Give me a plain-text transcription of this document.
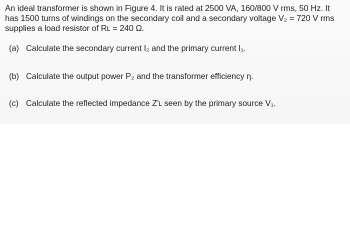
An ideal transformer is shown in Figure 4. It is rated at 2500 VA, 160/800 V rms, 50 Hz. It
has 1500 turns of windings on the secondary coil and a secondary voltage V₂ = 720 V rms
supplies a load resistor of Rʟ = 240 Ω.
(a) Calculate the secondary current I₂ and the primary current I₁.
(b) Calculate the output power P₂ and the transformer efficiency η.
(c) Calculate the reflected impedance Z'ʟ seen by the primary source V₁.
